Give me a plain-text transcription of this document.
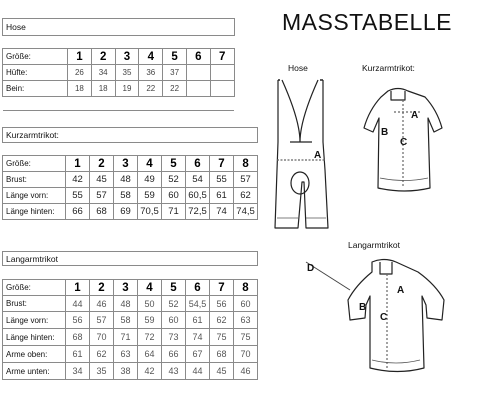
Hose							

Größe:	1	2	3	4	5	6	7
Hüfte:	26	34	35	36	37		
Bein:	18	18	19	22	22		

Kurzarmtrikot:								

Größe:	1	2	3	4	5	6	7	8
Brust:	42	45	48	49	52	54	55	57
Länge vorn:	55	57	58	59	60	60,5	61	62
Länge hinten:	66	68	69	70,5	71	72,5	74	74,5
Langarmtrikot								

Größe:	1	2	3	4	5	6	7	8
Brust:	44	46	48	50	52	54,5	56	60
Länge vorn:	56	57	58	59	60	61	62	63
Länge hinten:	68	70	71	72	73	74	75	75
Arme oben:	61	62	63	64	66	67	68	70
Arme unten:	34	35	38	42	43	44	45	46
MASSTABELLE
Hose	Kurzarmtrikot:
Langarmtrikot
A
B
C
A
D
A
B
C
